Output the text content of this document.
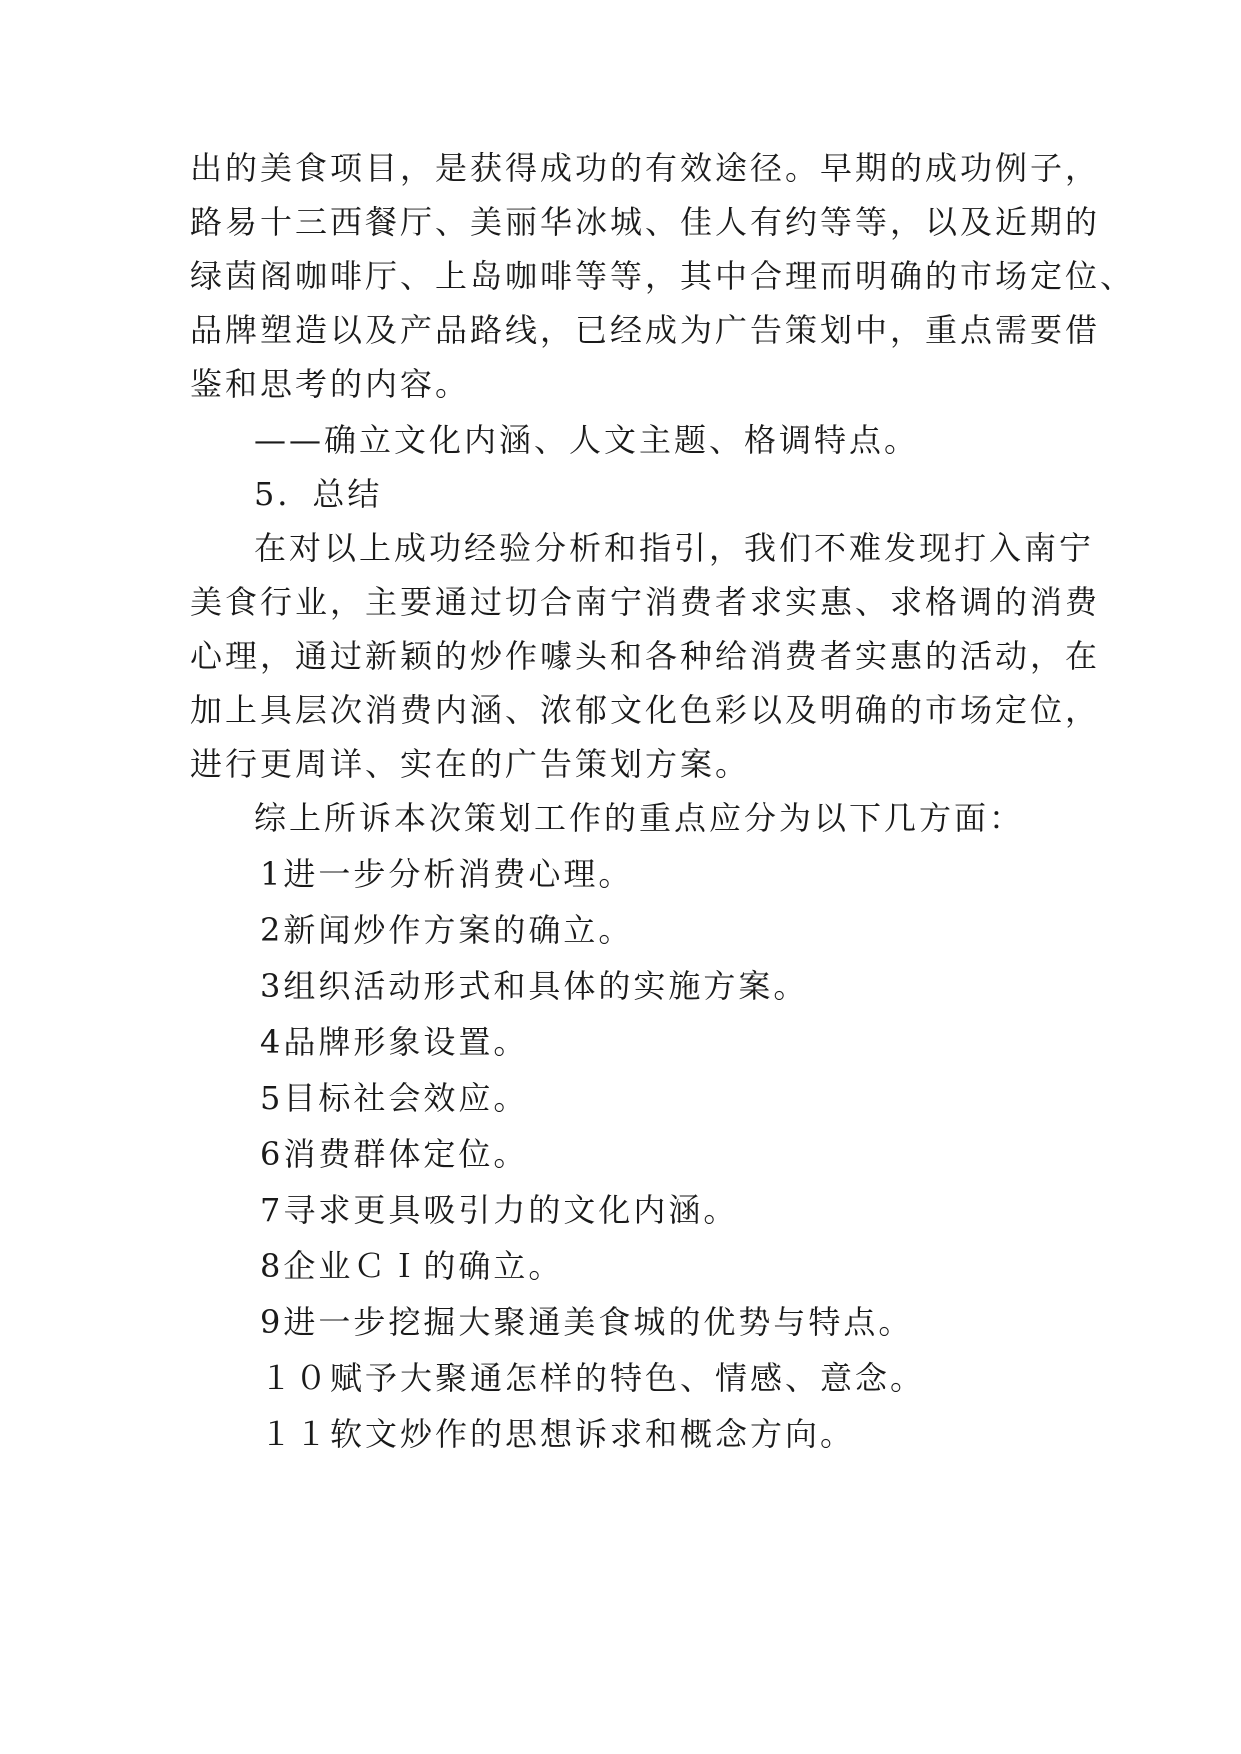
出的美食项目，是获得成功的有效途径。早期的成功例子，
路易十三西餐厅、美丽华冰城、佳人有约等等，以及近期的
绿茵阁咖啡厅、上岛咖啡等等，其中合理而明确的市场定位、
品牌塑造以及产品路线，已经成为广告策划中，重点需要借
鉴和思考的内容。
——确立文化内涵、人文主题、格调特点。
5．总结
在对以上成功经验分析和指引，我们不难发现打入南宁
美食行业，主要通过切合南宁消费者求实惠、求格调的消费
心理，通过新颖的炒作噱头和各种给消费者实惠的活动，在
加上具层次消费内涵、浓郁文化色彩以及明确的市场定位，
进行更周详、实在的广告策划方案。
综上所诉本次策划工作的重点应分为以下几方面：
1进一步分析消费心理。
2新闻炒作方案的确立。
3组织活动形式和具体的实施方案。
4品牌形象设置。
5目标社会效应。
6消费群体定位。
7寻求更具吸引力的文化内涵。
8企业ＣＩ的确立。
9进一步挖掘大聚通美食城的优势与特点。
１０赋予大聚通怎样的特色、情感、意念。
１１软文炒作的思想诉求和概念方向。
